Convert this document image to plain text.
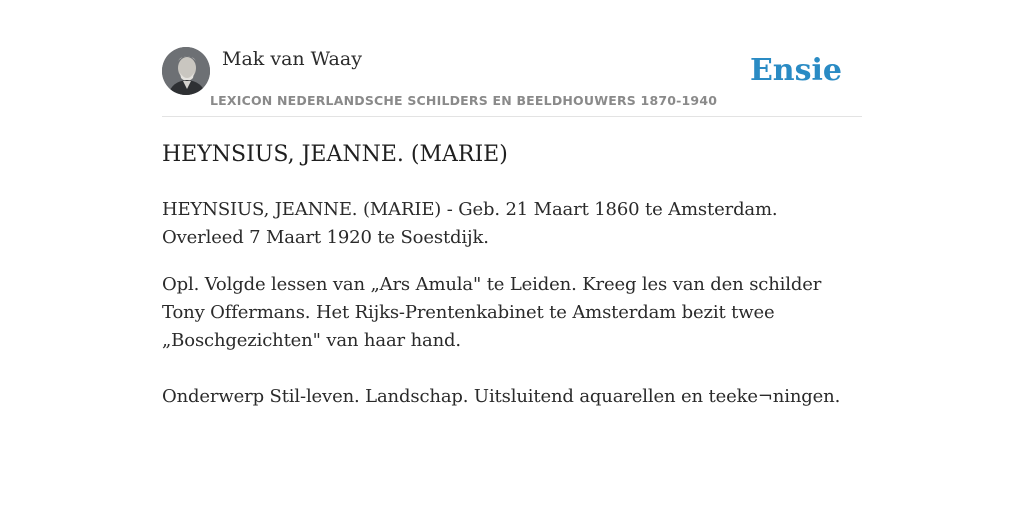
Mak van Waay
LEXICON NEDERLANDSCHE SCHILDERS EN BEELDHOUWERS 1870-1940
Ensie
HEYNSIUS, JEANNE. (MARIE)

HEYNSIUS, JEANNE. (MARIE) - Geb. 21 Maart 1860 te Amsterdam. Overleed 7 Maart 1920 te Soestdijk.

Opl. Volgde lessen van „Ars Amula" te Leiden. Kreeg les van den schilder Tony Offermans. Het Rijks-Prentenkabinet te Amsterdam bezit twee „Boschgezichten" van haar hand.

Onderwerp Stil-leven. Landschap. Uitsluitend aquarellen en teeke¬ningen.
